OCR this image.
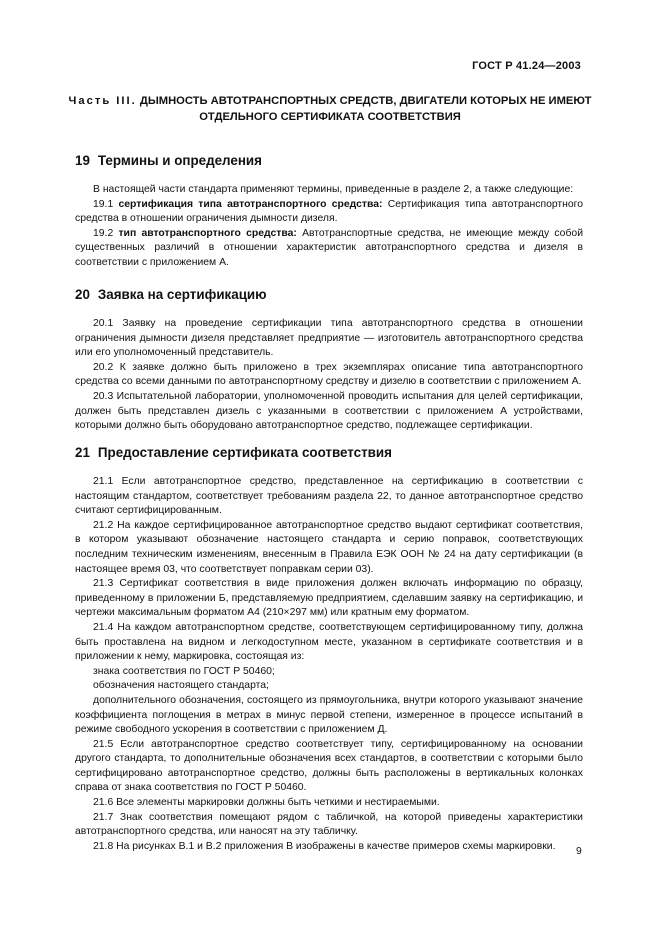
ГОСТ Р 41.24—2003
Часть III. ДЫМНОСТЬ АВТОТРАНСПОРТНЫХ СРЕДСТВ, ДВИГАТЕЛИ КОТОРЫХ НЕ ИМЕЮТ
ОТДЕЛЬНОГО СЕРТИФИКАТА СООТВЕТСТВИЯ
19 Термины и определения

В настоящей части стандарта применяют термины, приведенные в разделе 2, а также следующие:

19.1 сертификация типа автотранспортного средства: Сертификация типа автотранспортного средства в отношении ограничения дымности дизеля.

19.2 тип автотранспортного средства: Автотранспортные средства, не имеющие между собой существенных различий в отношении характеристик автотранспортного средства и дизеля в соответствии с приложением А.

20 Заявка на сертификацию

20.1 Заявку на проведение сертификации типа автотранспортного средства в отношении ограничения дымности дизеля представляет предприятие — изготовитель автотранспортного средства или его уполномоченный представитель.

20.2 К заявке должно быть приложено в трех экземплярах описание типа автотранспортного средства со всеми данными по автотранспортному средству и дизелю в соответствии с приложением А.

20.3 Испытательной лаборатории, уполномоченной проводить испытания для целей сертификации, должен быть представлен дизель с указанными в соответствии с приложением А устройствами, которыми должно быть оборудовано автотранспортное средство, подлежащее сертификации.

21 Предоставление сертификата соответствия

21.1 Если автотранспортное средство, представленное на сертификацию в соответствии с настоящим стандартом, соответствует требованиям раздела 22, то данное автотранспортное средство считают сертифицированным.

21.2 На каждое сертифицированное автотранспортное средство выдают сертификат соответствия, в котором указывают обозначение настоящего стандарта и серию поправок, соответствующих последним техническим изменениям, внесенным в Правила ЕЭК ООН № 24 на дату сертификации (в настоящее время 03, что соответствует поправкам серии 03).

21.3 Сертификат соответствия в виде приложения должен включать информацию по образцу, приведенному в приложении Б, представляемую предприятием, сделавшим заявку на сертификацию, и чертежи максимальным форматом А4 (210×297 мм) или кратным ему форматом.

21.4 На каждом автотранспортном средстве, соответствующем сертифицированному типу, должна быть проставлена на видном и легкодоступном месте, указанном в сертификате соответствия и в приложении к нему, маркировка, состоящая из:

знака соответствия по ГОСТ Р 50460;

обозначения настоящего стандарта;

дополнительного обозначения, состоящего из прямоугольника, внутри которого указывают значение коэффициента поглощения в метрах в минус первой степени, измеренное в процессе испытаний в режиме свободного ускорения в соответствии с приложением Д.

21.5 Если автотранспортное средство соответствует типу, сертифицированному на основании другого стандарта, то дополнительные обозначения всех стандартов, в соответствии с которыми было сертифицировано автотранспортное средство, должны быть расположены в вертикальных колонках справа от знака соответствия по ГОСТ Р 50460.

21.6 Все элементы маркировки должны быть четкими и нестираемыми.

21.7 Знак соответствия помещают рядом с табличкой, на которой приведены характеристики автотранспортного средства, или наносят на эту табличку.

21.8 На рисунках В.1 и В.2 приложения В изображены в качестве примеров схемы маркировки.	9
